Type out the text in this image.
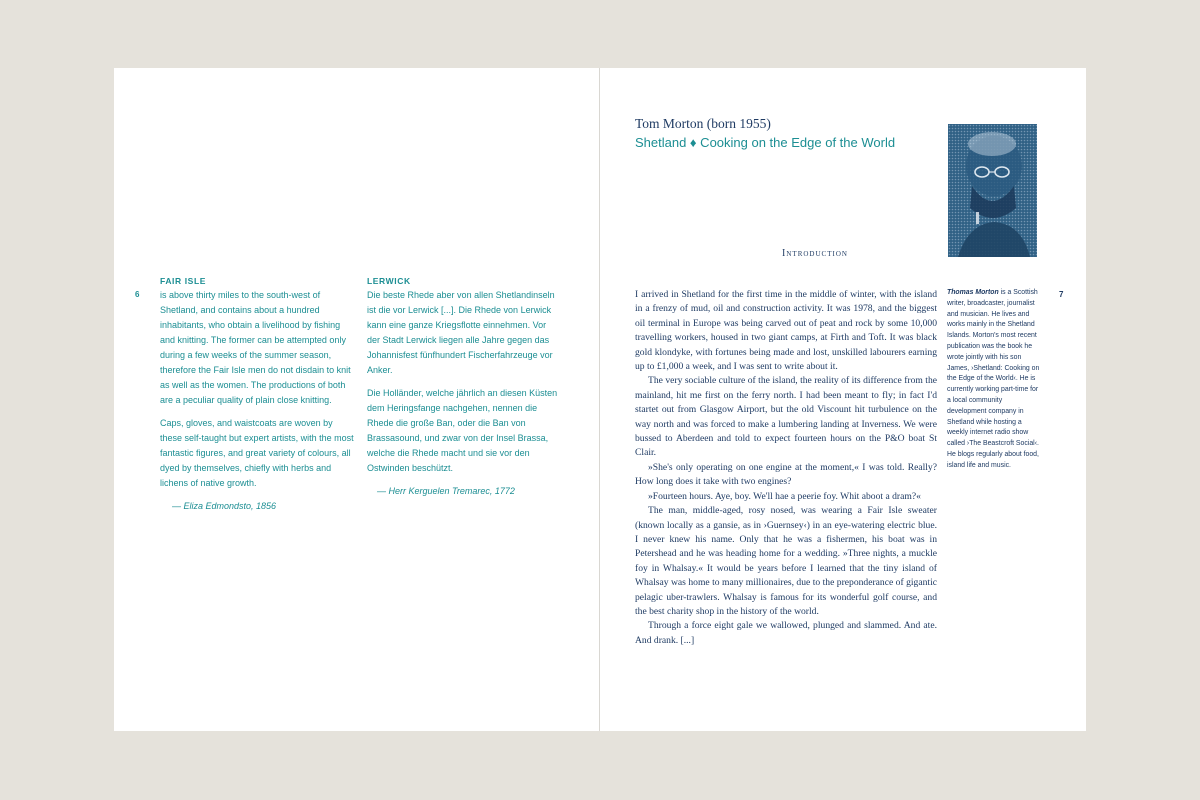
6
FAIR ISLE

is above thirty miles to the south-west of Shetland, and contains about a hundred inhabitants, who obtain a livelihood by fishing and knitting. The former can be attempted only during a few weeks of the summer season, therefore the Fair Isle men do not disdain to knit as well as the women. The productions of both are a peculiar quality of plain close knitting.

Caps, gloves, and waistcoats are woven by these self-taught but expert artists, with the most fantastic figures, and great variety of colours, all dyed by themselves, chiefly with herbs and lichens of native growth.

— Eliza Edmondsto, 1856

LERWICK

Die beste Rhede aber von allen Shetlandinseln ist die vor Lerwick [...]. Die Rhede von Lerwick kann eine ganze Kriegsflotte einnehmen. Vor der Stadt Lerwick liegen alle Jahre gegen das Johannisfest fünfhundert Fischerfahrzeuge vor Anker.

Die Holländer, welche jährlich an diesen Küsten dem Heringsfange nachgehen, nennen die Rhede die große Ban, oder die Ban von Brassasound, und zwar von der Insel Brassa, welche die Rhede macht und sie vor den Ostwinden beschützt.

— Herr Kerguelen Tremarec, 1772

Tom Morton (born 1955)
Shetland ♦ Cooking on the Edge of the World
Introduction

I arrived in Shetland for the first time in the middle of winter, with the island in a frenzy of mud, oil and construction activity. It was 1978, and the biggest oil terminal in Europe was being carved out of peat and rock by some 10,000 travelling workers, housed in two giant camps, at Firth and Toft. It was black gold klondyke, with fortunes being made and lost, unskilled labourers earning up to £1,000 a week, and I was sent to write about it.

The very sociable culture of the island, the reality of its difference from the mainland, hit me first on the ferry north. I had been meant to fly; in fact I'd startet out from Glasgow Airport, but the old Viscount hit turbulence on the way north and was forced to make a lumbering landing at Inverness. We were bussed to Aberdeen and told to expect fourteen hours on the P&O boat St Clair.

»She's only operating on one engine at the moment,« I was told. Really? How long does it take with two engines?

»Fourteen hours. Aye, boy. We'll hae a peerie foy. Whit aboot a dram?«

The man, middle-aged, rosy nosed, was wearing a Fair Isle sweater (known locally as a gansie, as in ›Guernsey‹) in an eye-watering electric blue. I never knew his name. Only that he was a fishermen, his boat was in Petershead and he was heading home for a wedding. »Three nights, a muckle foy in Whalsay.« It would be years before I learned that the tiny island of Whalsay was home to many millionaires, due to the preponderance of gigantic pelagic uber-trawlers. Whalsay is famous for its wonderful golf course, and the best charity shop in the history of the world.

Through a force eight gale we wallowed, plunged and slammed. And ate. And drank. [...]

Thomas Morton is a Scottish writer, broadcaster, journalist and musician. He lives and works mainly in the Shetland Islands. Morton's most recent publication was the book he wrote jointly with his son James, ›Shetland: Cooking on the Edge of the World‹. He is currently working part-time for a local community development company in Shetland while hosting a weekly internet radio show called ›The Beastcroft Social‹. He blogs regularly about food, island life and music.
7
